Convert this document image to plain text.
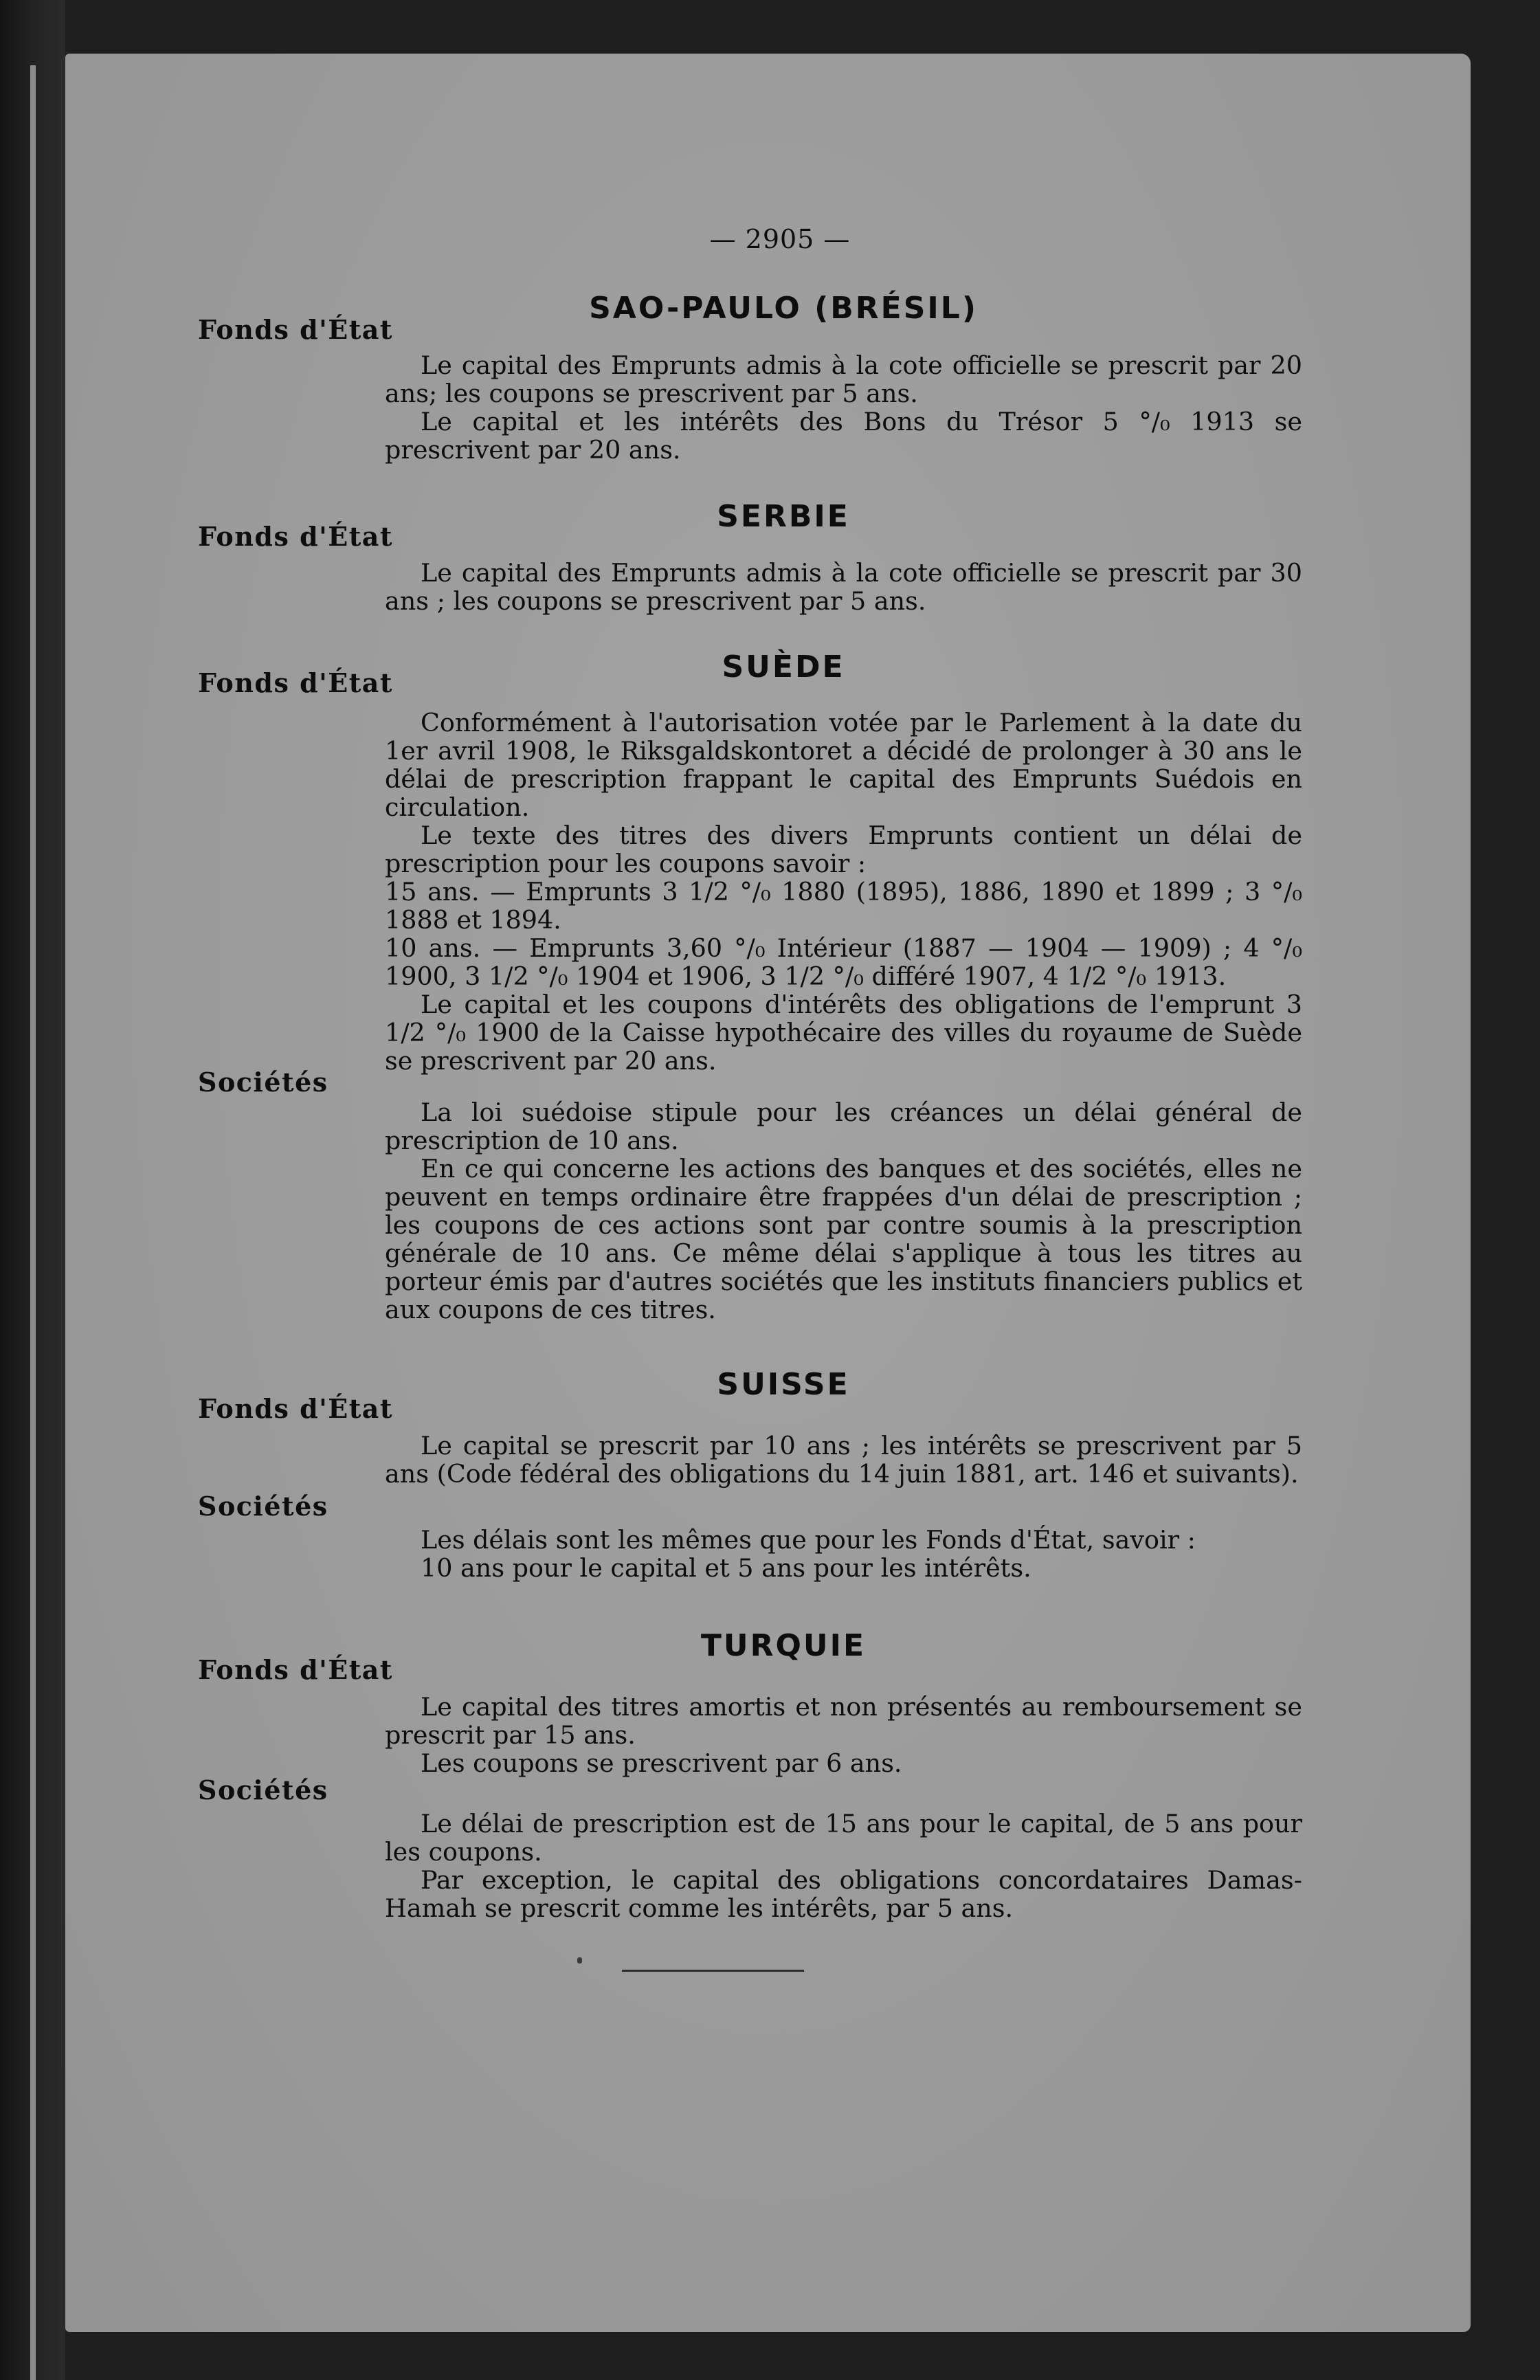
— 2905 —
SAO-PAULO (BRÉSIL)
Fonds d'État

Le capital des Emprunts admis à la cote officielle se prescrit par 20 ans; les coupons se prescrivent par 5 ans.

Le capital et les intérêts des Bons du Trésor 5 °/₀ 1913 se prescrivent par 20 ans.

SERBIE
Fonds d'État

Le capital des Emprunts admis à la cote officielle se prescrit par 30 ans ; les coupons se prescrivent par 5 ans.

SUÈDE
Fonds d'État

Conformément à l'autorisation votée par le Parlement à la date du 1er avril 1908, le Riksgaldskontoret a décidé de prolonger à 30 ans le délai de prescription frappant le capital des Emprunts Suédois en circulation.

Le texte des titres des divers Emprunts contient un délai de prescription pour les coupons savoir :

15 ans. — Emprunts 3 1/2 °/₀ 1880 (1895), 1886, 1890 et 1899 ; 3 °/₀ 1888 et 1894.

10 ans. — Emprunts 3,60 °/₀ Intérieur (1887 — 1904 — 1909) ; 4 °/₀ 1900, 3 1/2 °/₀ 1904 et 1906, 3 1/2 °/₀ différé 1907, 4 1/2 °/₀ 1913.

Le capital et les coupons d'intérêts des obligations de l'emprunt 3 1/2 °/₀ 1900 de la Caisse hypothécaire des villes du royaume de Suède se prescrivent par 20 ans.

Sociétés

La loi suédoise stipule pour les créances un délai général de prescription de 10 ans.

En ce qui concerne les actions des banques et des sociétés, elles ne peuvent en temps ordinaire être frappées d'un délai de prescription ; les coupons de ces actions sont par contre soumis à la prescription générale de 10 ans. Ce même délai s'applique à tous les titres au porteur émis par d'autres sociétés que les instituts financiers publics et aux coupons de ces titres.

SUISSE
Fonds d'État

Le capital se prescrit par 10 ans ; les intérêts se prescrivent par 5 ans (Code fédéral des obligations du 14 juin 1881, art. 146 et suivants).

Sociétés

Les délais sont les mêmes que pour les Fonds d'État, savoir :

10 ans pour le capital et 5 ans pour les intérêts.

TURQUIE
Fonds d'État

Le capital des titres amortis et non présentés au remboursement se prescrit par 15 ans.

Les coupons se prescrivent par 6 ans.

Sociétés

Le délai de prescription est de 15 ans pour le capital, de 5 ans pour les coupons.

Par exception, le capital des obligations concordataires Damas-Hamah se prescrit comme les intérêts, par 5 ans.
